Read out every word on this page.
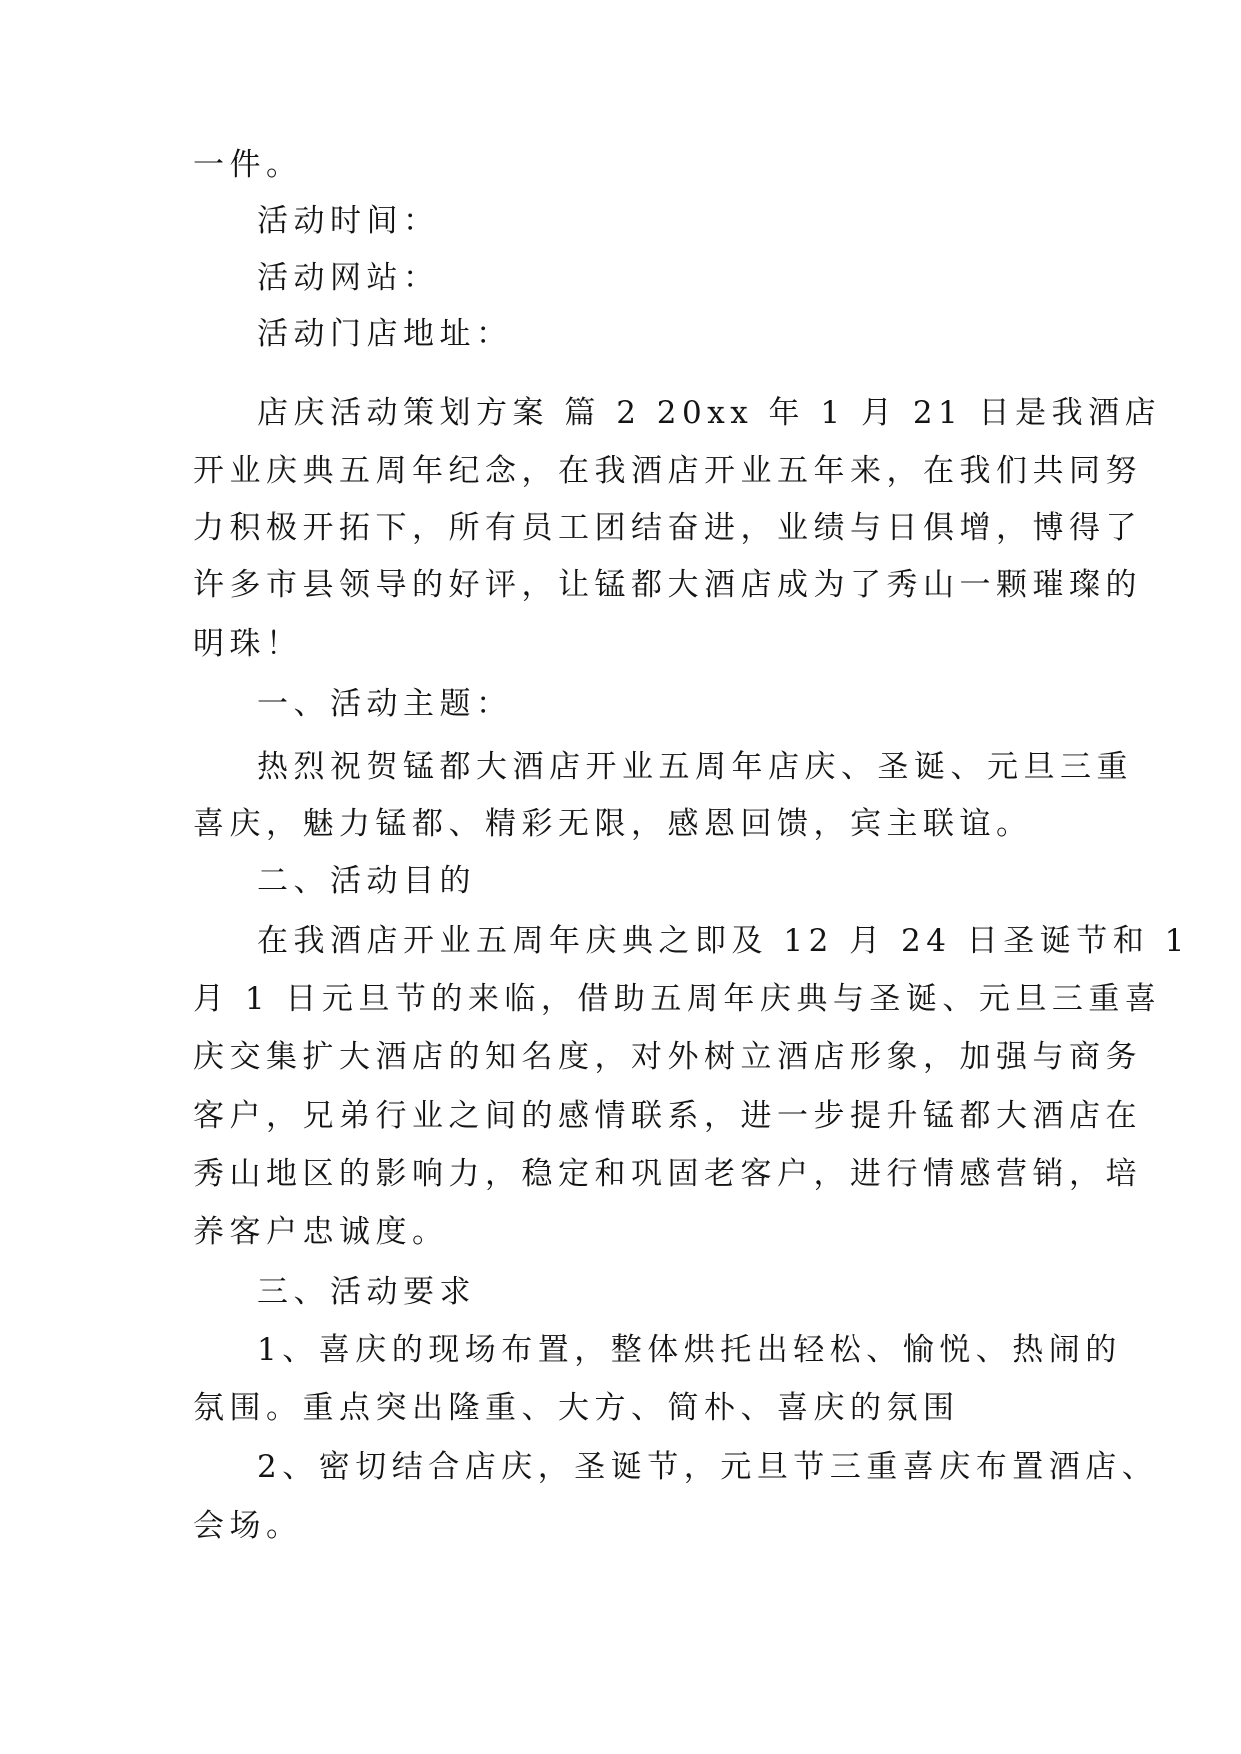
一件。
活动时间：
活动网站：
活动门店地址：
店庆活动策划方案 篇 2 20xx 年 1 月 21 日是我酒店
开业庆典五周年纪念，在我酒店开业五年来，在我们共同努
力积极开拓下，所有员工团结奋进，业绩与日俱增，博得了
许多市县领导的好评，让锰都大酒店成为了秀山一颗璀璨的
明珠！
一、活动主题：
热烈祝贺锰都大酒店开业五周年店庆、圣诞、元旦三重
喜庆，魅力锰都、精彩无限，感恩回馈，宾主联谊。
二、活动目的
在我酒店开业五周年庆典之即及 12 月 24 日圣诞节和 1
月 1 日元旦节的来临，借助五周年庆典与圣诞、元旦三重喜
庆交集扩大酒店的知名度，对外树立酒店形象，加强与商务
客户，兄弟行业之间的感情联系，进一步提升锰都大酒店在
秀山地区的影响力，稳定和巩固老客户，进行情感营销，培
养客户忠诚度。
三、活动要求
1、喜庆的现场布置，整体烘托出轻松、愉悦、热闹的
氛围。重点突出隆重、大方、简朴、喜庆的氛围
2、密切结合店庆，圣诞节，元旦节三重喜庆布置酒店、
会场。
